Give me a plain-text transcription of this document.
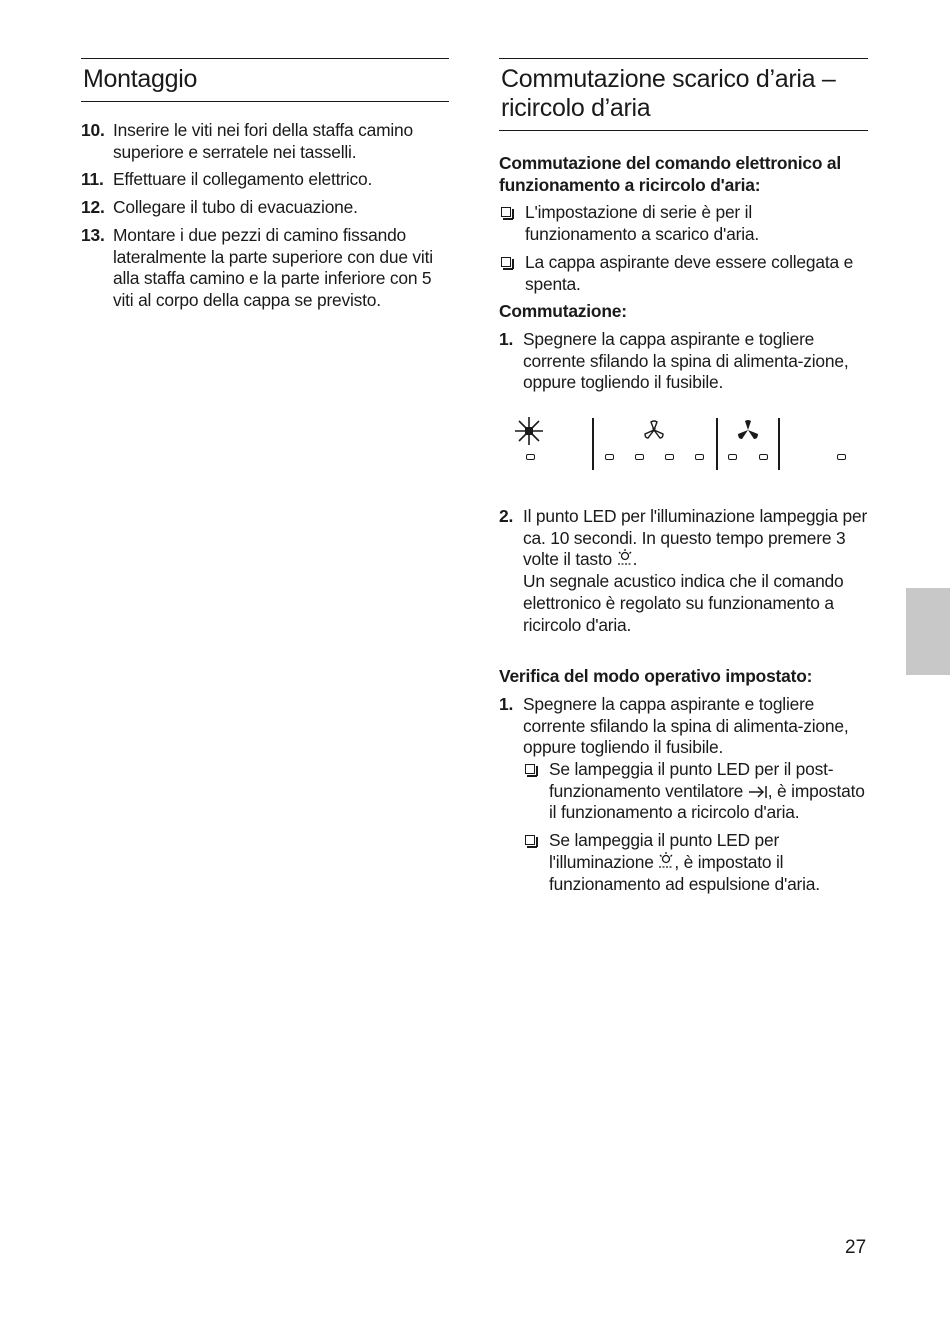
Montaggio
10. Inserire le viti nei fori della staffa camino superiore e serratele nei tasselli.
11. Effettuare il collegamento elettrico.
12. Collegare il tubo di evacuazione.
13. Montare i due pezzi di camino fissando lateralmente la parte superiore con due viti alla staffa camino e la parte inferiore con 5 viti al corpo della cappa se previsto.
Commutazione scarico d’aria – ricircolo d’aria
Commutazione del comando elettronico al funzionamento a ricircolo d'aria:
L'impostazione di serie è per il funzionamento a scarico d'aria.
La cappa aspirante deve essere collegata e spenta.
Commutazione:
1. Spegnere la cappa aspirante e togliere corrente sfilando la spina di alimenta-zione, oppure togliendo il fusibile.
2. Il punto LED per l'illuminazione lampeggia per ca. 10 secondi. In questo tempo premere 3 volte il tasto .
Un segnale acustico indica che il comando elettronico è regolato su funzionamento a ricircolo d'aria.
Verifica del modo operativo impostato:
1. Spegnere la cappa aspirante e togliere corrente sfilando la spina di alimenta-zione, oppure togliendo il fusibile.
Se lampeggia il punto LED per il post-funzionamento ventilatore , è impostato il funzionamento a ricircolo d'aria.
Se lampeggia il punto LED per l'illuminazione , è impostato il funzionamento ad espulsione d'aria.
27
